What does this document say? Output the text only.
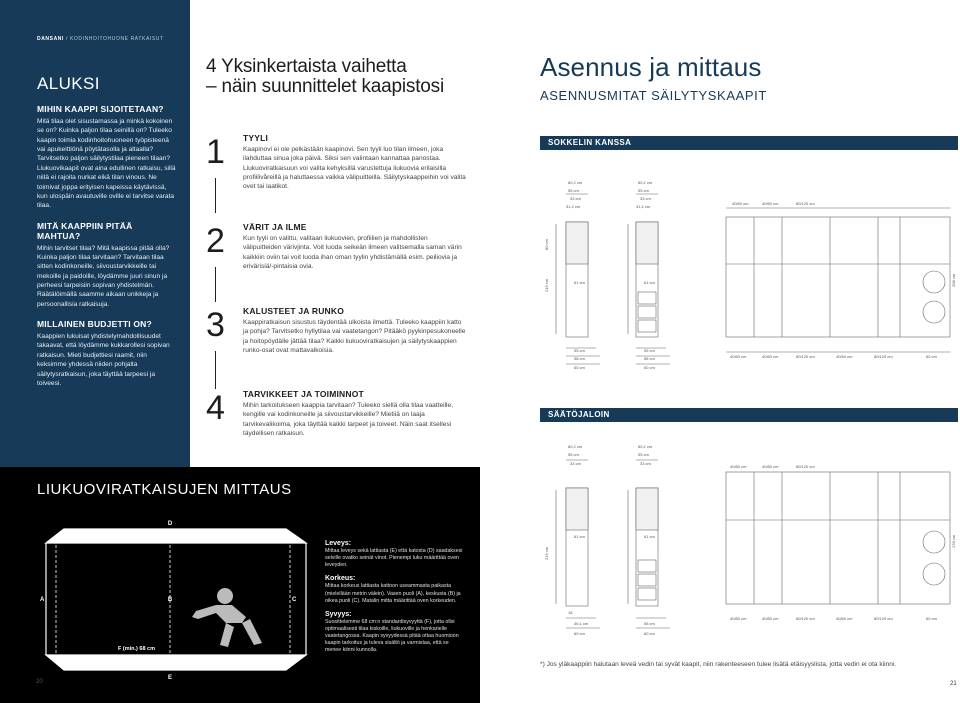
DANSANI / KODINHOITOHUONE RATKAISUT
ALUKSI
MIHIN KAAPPI SIJOITETAAN?

Mitä tilaa olet sisustamassa ja minkä kokoinen se on? Kuinka paljon tilaa seinillä on? Tuleeko kaapin toimia kodinhoitohuoneen työpisteenä vai apukeittiönä pöytätasolla ja altaalla? Tarvitsetko paljon säilytystilaa pieneen tilaan? Liukuovikaapit ovat aina edullinen ratkaisu, sillä niitä ei rajoita nurkat eikä tilan vinous. Ne toimivat joppa erityisen kapeissa käytävissä, kun ulospäin avautuville oville ei tarvitse varata tilaa.

MITÄ KAAPPIIN PITÄÄ MAHTUA?

Mihin tarvitset tilaa? Mitä kaapissa pitää olla? Kuinka paljon tilaa tarvitaan? Tarvitaan tilaa sitten kodinkoneille, siivoustarvikkeille tai mekoille ja paidoille, löydämme juuri sinun ja perheesi tarpeisiin sopivan yhdistelmän. Räätälöimällä saamme aikaan unikkeja ja persoonallisia ratkaisuja.

MILLAINEN BUDJETTI ON?

Kaappien lukuisat yhdistelymahdollisuudet takaavat, että löydämme kukkarollesi sopivan ratkaisun. Mieti budjettiesi raamit, niin keksimme yhdessä niiden pohjalta säilytysratkaisun, joka täyttää tarpeesi ja toiveesi.

LIUKUOVIRATKAISUJEN MITTAUS
D
A	B	C
E
F (min.) 68 cm
Leveys:
Mittaa leveys sekä lattiasta (E) että katosta (D) saadaksesi selville ovatko seinät vinot. Pienempi luku määrittää oven leveyden.
Korkeus:
Mittaa korkeus lattiasta kattoon useammasta paikasta (mielellään metrin välein). Vasen puoli (A), keskusta (B) ja oikea puoli (C). Matalin mitta määrittää oven korkeuden.
Syvyys:
Suosittelemme 68 cm:n standardisyvyyttä (F), jotta ollsi optimaalisesti tilaa kiskoille, liukuoville ja henkarielle vaatetangossa. Kaapin syvyydessä pitää ottaa huomioon kaapin tarkoitus ja tuleva sisältö ja varmistaa, että se menee kiinni kunnolla.
20
4 Yksinkertaista vaihetta
– näin suunnittelet kaapistosi
1 TYYLI
Kaapinovi ei ole pelkästään kaapinovi. Sen tyyli luo tilan ilmeen, joka ilahduttaa sinua joka päivä. Siksi sen valintaan kannattaa panostaa. Liukuoviratkaisuun voi valita kehyksillä varustettuja liukuovia erilaisilla profiilivåreillä ja haluttaessa vaikka välipuitteilla. Säilytyskaappeihin voi valita ovet tai laatikot.
2 VÄRIT JA ILME
Kun tyyli on valittu, valitaan liukuovien, profiilien ja mahdollisten välipuitteiden värivjinta. Voit luoda seikeän ilmeen valitsemalla saman värin kaikkiin oviin tai voit luoda ihan oman tyylin yhdistämällä esim. peiliovia ja erivärisiä/-pintaisia ovia.
3 KALUSTEET JA RUNKO
Kaappiratkaisun sisustus täydentää ulkoista ilmettä. Tuleeko kaappiin katto ja pohja? Tarvitsetko hyllytilaa vai vaatetangon? Pitääkö pyykinpesukoneelle ja hoitopöydälle jättää tilaa? Kaikki liukuoviratkaisujen ja säilytyskaappien runko-osat ovat mattavalkoisia.
4 TARVIKKEET JA TOIMINNOT
Mihin tarkoitukseen kaappia tarvitaan? Tuleeko siellä olla tilaa vaatteille, kengille vai kodinkoneille ja siivoustarvikkeille? Mietiiä on laaja tarvikevalikoima, joka täyttää kaikki tarpeet ja toiveet. Näin saat itsellesi täydellisen ratkaisun.
Asennus ja mittaus
ASENNUSMITAT SÄILYTYSKAAPIT
SOKKELIN KANSSA
60,2 cm
55 cm
33 cm
31,2 cm
80 cm
219 cm	61 cm
55 cm
58 cm
60 cm
60,2 cm
55 cm
33 cm
31,2 cm
61 cm
55 cm
58 cm
60 cm
40/60 cm	40/60 cm	80/120 cm
40/60 cm	40/60 cm	80/120 cm	40/60 cm	80/120 cm	60 cm
208 cm
SÄÄTÖJALOIN
60,2 cm
55 cm
33 cm
219 cm
61 cm
18
46,1 cm
60 cm
60,2 cm
55 cm
33 cm
61 cm
58 cm
60 cm
40/60 cm	40/60 cm	80/120 cm
40/60 cm	40/60 cm	80/120 cm	40/60 cm	80/120 cm	60 cm
178 cm
*) Jos yläkaappiin halutaan leveä vedin tai syvät kaapit, niin rakenteeseen tulee lisätä etäisyyslista, jotta vedin ei ota kiinni.
21
